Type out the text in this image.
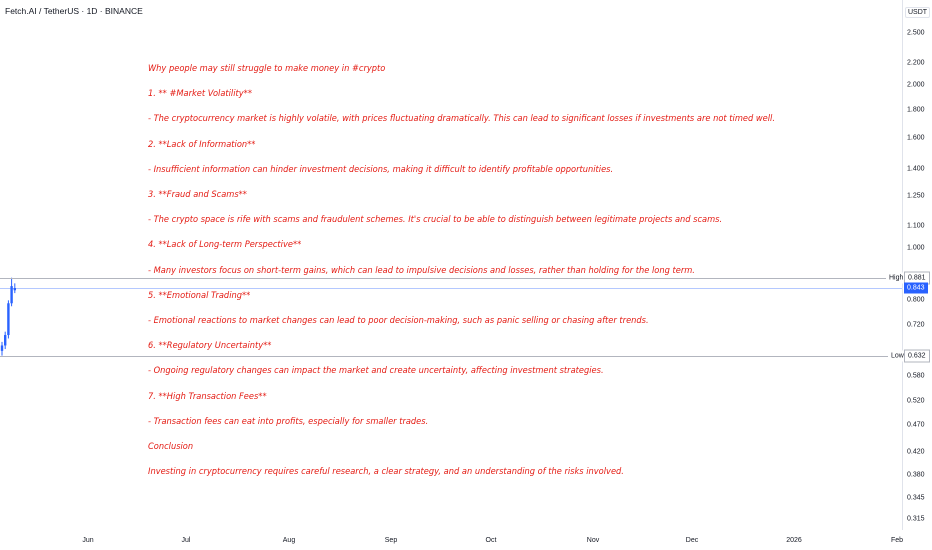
Fetch.AI / TetherUS · 1D · BINANCE
Why people may still struggle to make money in #crypto
1. ** #Market Volatility**
- The cryptocurrency market is highly volatile, with prices fluctuating dramatically. This can lead to significant losses if investments are not timed well.
2. **Lack of Information**
- Insufficient information can hinder investment decisions, making it difficult to identify profitable opportunities.
3. **Fraud and Scams**
- The crypto space is rife with scams and fraudulent schemes. It's crucial to be able to distinguish between legitimate projects and scams.
4. **Lack of Long-term Perspective**
- Many investors focus on short-term gains, which can lead to impulsive decisions and losses, rather than holding for the long term.
5. **Emotional Trading**
- Emotional reactions to market changes can lead to poor decision-making, such as panic selling or chasing after trends.
6. **Regulatory Uncertainty**
- Ongoing regulatory changes can impact the market and create uncertainty, affecting investment strategies.
7. **High Transaction Fees**
- Transaction fees can eat into profits, especially for smaller trades.
Conclusion
Investing in cryptocurrency requires careful research, a clear strategy, and an understanding of the risks involved.
USDT
2.500
2.200
2.000
1.800
1.600
1.400
1.250
1.100
1.000
0.800
0.720
0.580
0.520
0.470
0.420
0.380
0.345
0.315
Jun	Jul	Aug	Sep	Oct	Nov	Dec	2026	Feb
High 0.881
0.843
Low 0.632
